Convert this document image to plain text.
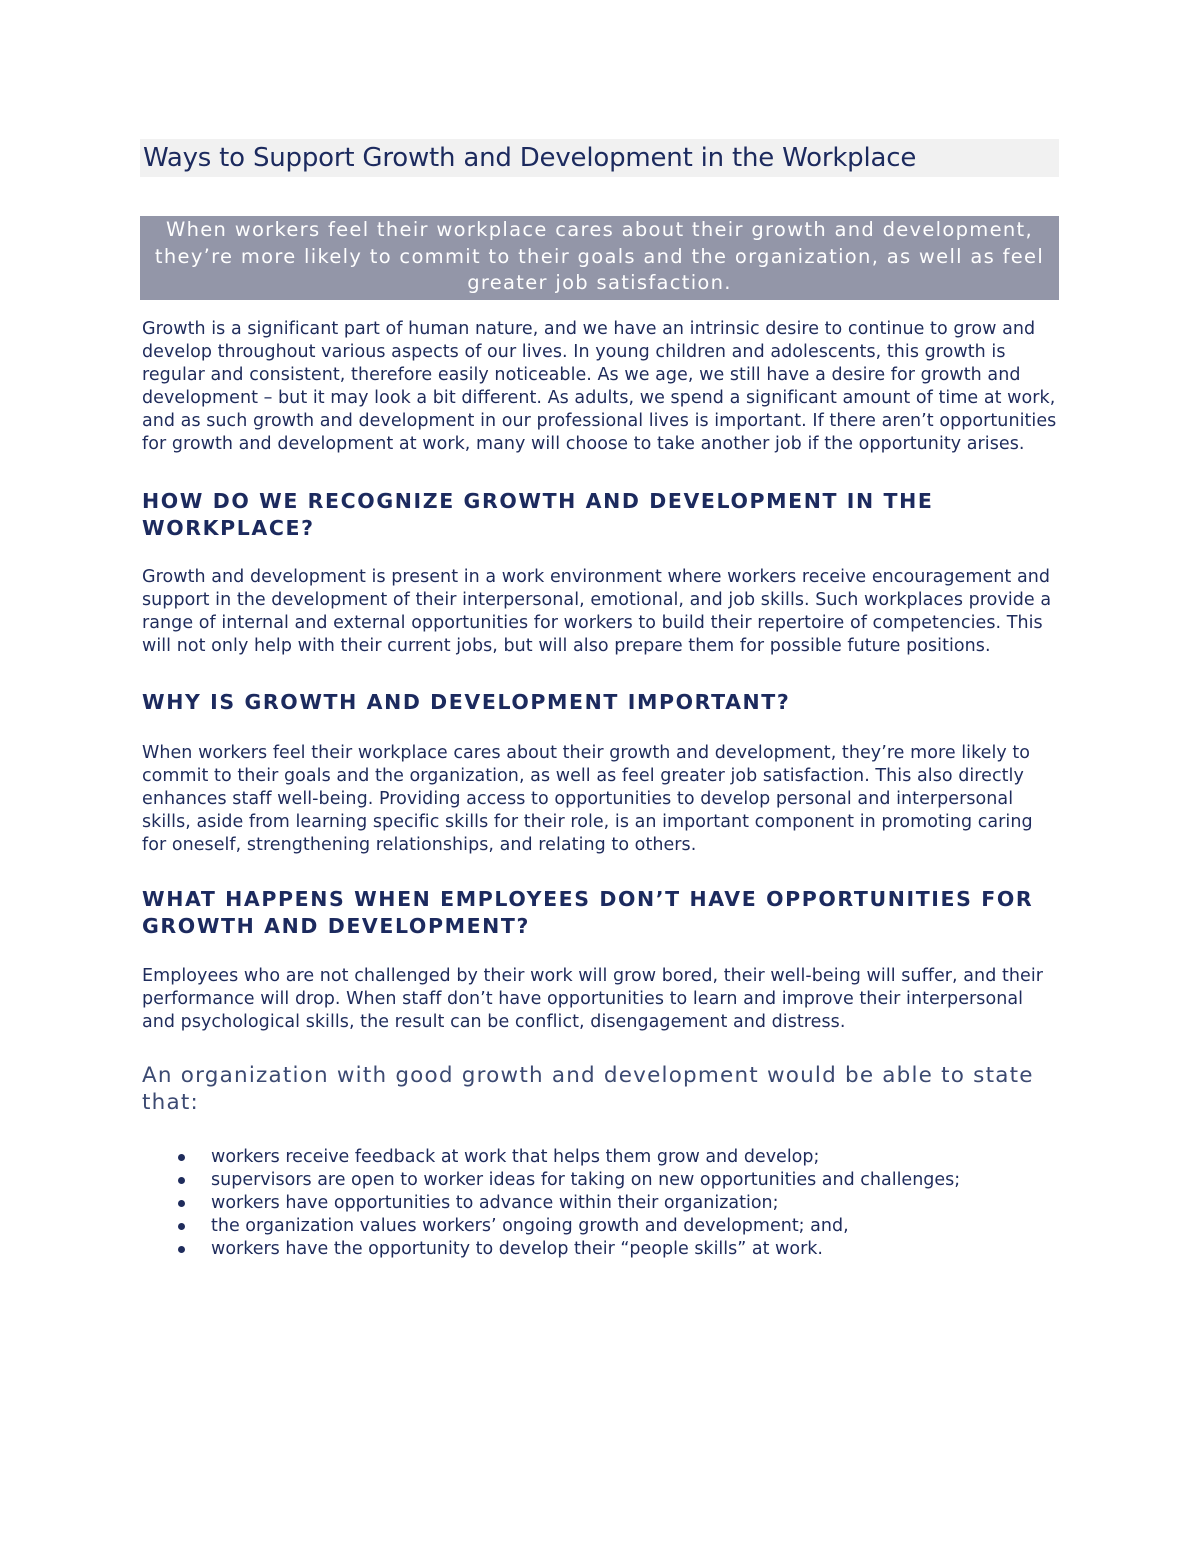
Ways to Support Growth and Development in the Workplace
When workers feel their workplace cares about their growth and development, they’re more likely to commit to their goals and the organization, as well as feel greater job satisfaction.

Growth is a significant part of human nature, and we have an intrinsic desire to continue to grow and develop throughout various aspects of our lives. In young children and adolescents, this growth is regular and consistent, therefore easily noticeable. As we age, we still have a desire for growth and development – but it may look a bit different. As adults, we spend a significant amount of time at work, and as such growth and development in our professional lives is important. If there aren’t opportunities for growth and development at work, many will choose to take another job if the opportunity arises.

HOW DO WE RECOGNIZE GROWTH AND DEVELOPMENT IN THE WORKPLACE?

Growth and development is present in a work environment where workers receive encouragement and support in the development of their interpersonal, emotional, and job skills. Such workplaces provide a range of internal and external opportunities for workers to build their repertoire of competencies. This will not only help with their current jobs, but will also prepare them for possible future positions.

WHY IS GROWTH AND DEVELOPMENT IMPORTANT?

When workers feel their workplace cares about their growth and development, they’re more likely to commit to their goals and the organization, as well as feel greater job satisfaction. This also directly enhances staff well-being. Providing access to opportunities to develop personal and interpersonal skills, aside from learning specific skills for their role, is an important component in promoting caring for oneself, strengthening relationships, and relating to others.

WHAT HAPPENS WHEN EMPLOYEES DON’T HAVE OPPORTUNITIES FOR GROWTH AND DEVELOPMENT?

Employees who are not challenged by their work will grow bored, their well-being will suffer, and their performance will drop. When staff don’t have opportunities to learn and improve their interpersonal and psychological skills, the result can be conflict, disengagement and distress.

An organization with good growth and development would be able to state that:
workers receive feedback at work that helps them grow and develop;
supervisors are open to worker ideas for taking on new opportunities and challenges;
workers have opportunities to advance within their organization;
the organization values workers’ ongoing growth and development; and,
workers have the opportunity to develop their “people skills” at work.
